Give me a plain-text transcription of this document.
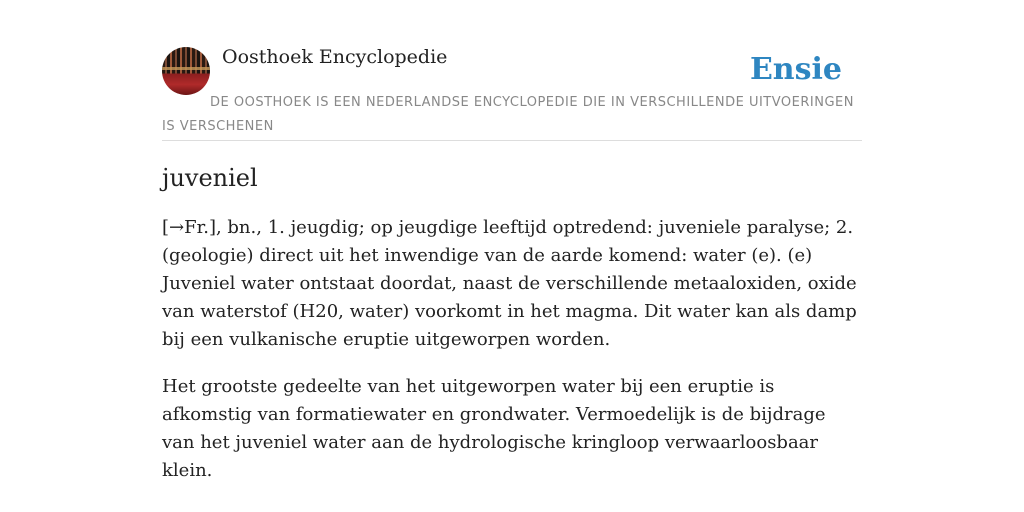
Oosthoek Encyclopedie	Ensie

DE OOSTHOEK IS EEN NEDERLANDSE ENCYCLOPEDIE DIE IN VERSCHILLENDE UITVOERINGEN IS VERSCHENEN

juveniel

[→Fr.], bn., 1. jeugdig; op jeugdige leeftijd optredend: juveniele paralyse; 2. (geologie) direct uit het inwendige van de aarde komend: water (e). (e) Juveniel water ontstaat doordat, naast de verschillende metaaloxiden, oxide van waterstof (H20, water) voorkomt in het magma. Dit water kan als damp bij een vulkanische eruptie uitgeworpen worden.

Het grootste gedeelte van het uitgeworpen water bij een eruptie is afkomstig van formatiewater en grondwater. Vermoedelijk is de bijdrage van het juveniel water aan de hydrologische kringloop verwaarloosbaar klein.
